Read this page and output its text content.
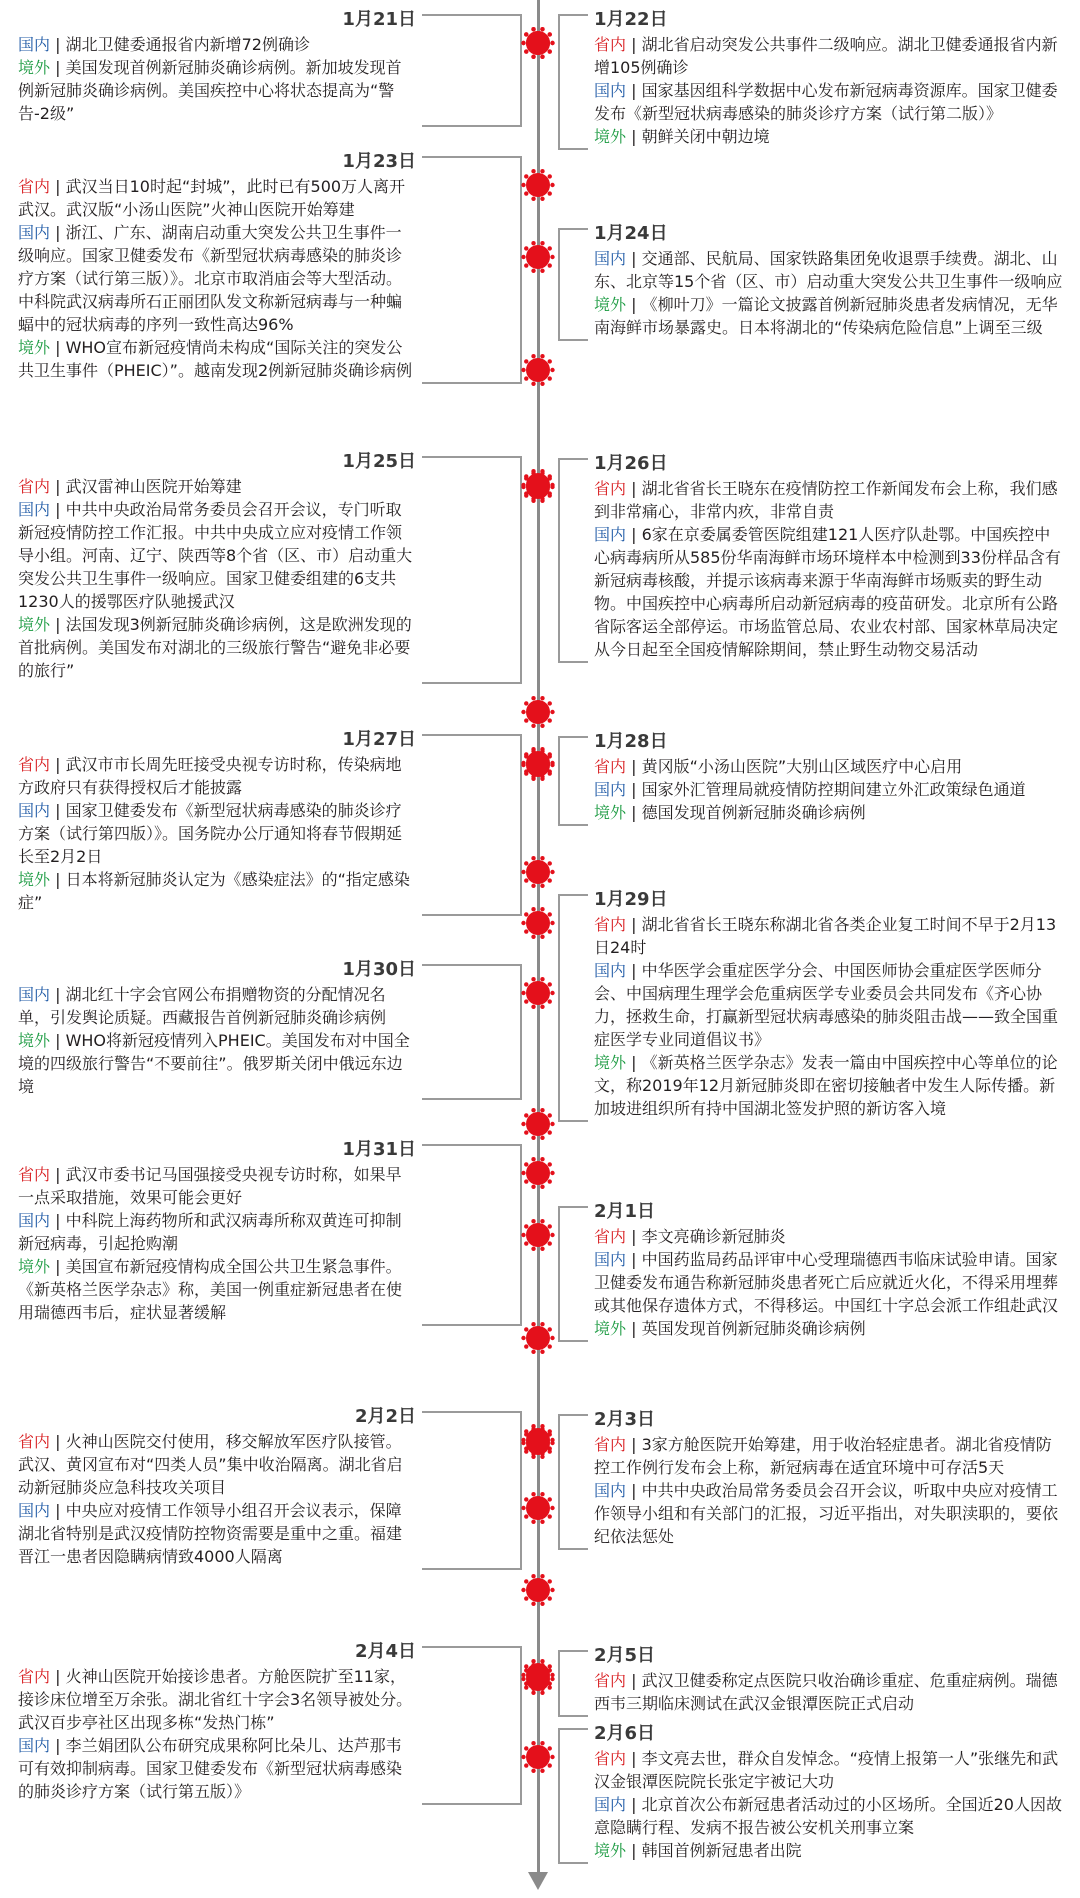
1月21日

国内 | 湖北卫健委通报省内新增72例确诊

境外 | 美国发现首例新冠肺炎确诊病例。新加坡发现首例新冠肺炎确诊病例。美国疾控中心将状态提高为“警告-2级”

1月23日

省内 | 武汉当日10时起“封城”，此时已有500万人离开武汉。武汉版“小汤山医院”火神山医院开始筹建

国内 | 浙江、广东、湖南启动重大突发公共卫生事件一级响应。国家卫健委发布《新型冠状病毒感染的肺炎诊疗方案（试行第三版）》。北京市取消庙会等大型活动。中科院武汉病毒所石正丽团队发文称新冠病毒与一种蝙蝠中的冠状病毒的序列一致性高达96%

境外 | WHO宣布新冠疫情尚未构成“国际关注的突发公共卫生事件（PHEIC）”。越南发现2例新冠肺炎确诊病例

1月25日

省内 | 武汉雷神山医院开始筹建

国内 | 中共中央政治局常务委员会召开会议，专门听取新冠疫情防控工作汇报。中共中央成立应对疫情工作领导小组。河南、辽宁、陕西等8个省（区、市）启动重大突发公共卫生事件一级响应。国家卫健委组建的6支共1230人的援鄂医疗队驰援武汉

境外 | 法国发现3例新冠肺炎确诊病例，这是欧洲发现的首批病例。美国发布对湖北的三级旅行警告“避免非必要的旅行”

1月27日

省内 | 武汉市市长周先旺接受央视专访时称，传染病地方政府只有获得授权后才能披露

国内 | 国家卫健委发布《新型冠状病毒感染的肺炎诊疗方案（试行第四版）》。国务院办公厅通知将春节假期延长至2月2日

境外 | 日本将新冠肺炎认定为《感染症法》的“指定感染症”

1月30日

国内 | 湖北红十字会官网公布捐赠物资的分配情况名单，引发舆论质疑。西藏报告首例新冠肺炎确诊病例

境外 | WHO将新冠疫情列入PHEIC。美国发布对中国全境的四级旅行警告“不要前往”。俄罗斯关闭中俄远东边境

1月31日

省内 | 武汉市委书记马国强接受央视专访时称，如果早一点采取措施，效果可能会更好

国内 | 中科院上海药物所和武汉病毒所称双黄连可抑制新冠病毒，引起抢购潮

境外 | 美国宣布新冠疫情构成全国公共卫生紧急事件。《新英格兰医学杂志》称，美国一例重症新冠患者在使用瑞德西韦后，症状显著缓解

2月2日

省内 | 火神山医院交付使用，移交解放军医疗队接管。武汉、黄冈宣布对“四类人员”集中收治隔离。湖北省启动新冠肺炎应急科技攻关项目

国内 | 中央应对疫情工作领导小组召开会议表示，保障湖北省特别是武汉疫情防控物资需要是重中之重。福建晋江一患者因隐瞒病情致4000人隔离

2月4日

省内 | 火神山医院开始接诊患者。方舱医院扩至11家，接诊床位增至万余张。湖北省红十字会3名领导被处分。武汉百步亭社区出现多栋“发热门栋”

国内 | 李兰娟团队公布研究成果称阿比朵儿、达芦那韦可有效抑制病毒。国家卫健委发布《新型冠状病毒感染的肺炎诊疗方案（试行第五版）》

1月22日

省内 | 湖北省启动突发公共事件二级响应。湖北卫健委通报省内新增105例确诊

国内 | 国家基因组科学数据中心发布新冠病毒资源库。国家卫健委发布《新型冠状病毒感染的肺炎诊疗方案（试行第二版）》

境外 | 朝鲜关闭中朝边境

1月24日

国内 | 交通部、民航局、国家铁路集团免收退票手续费。湖北、山东、北京等15个省（区、市）启动重大突发公共卫生事件一级响应

境外 | 《柳叶刀》一篇论文披露首例新冠肺炎患者发病情况，无华南海鲜市场暴露史。日本将湖北的“传染病危险信息”上调至三级

1月26日

省内 | 湖北省省长王晓东在疫情防控工作新闻发布会上称，我们感到非常痛心，非常内疚，非常自责

国内 | 6家在京委属委管医院组建121人医疗队赴鄂。中国疾控中心病毒病所从585份华南海鲜市场环境样本中检测到33份样品含有新冠病毒核酸，并提示该病毒来源于华南海鲜市场贩卖的野生动物。中国疾控中心病毒所启动新冠病毒的疫苗研发。北京所有公路省际客运全部停运。市场监管总局、农业农村部、国家林草局决定从今日起至全国疫情解除期间，禁止野生动物交易活动

1月28日

省内 | 黄冈版“小汤山医院”大别山区域医疗中心启用

国内 | 国家外汇管理局就疫情防控期间建立外汇政策绿色通道

境外 | 德国发现首例新冠肺炎确诊病例

1月29日

省内 | 湖北省省长王晓东称湖北省各类企业复工时间不早于2月13日24时

国内 | 中华医学会重症医学分会、中国医师协会重症医学医师分会、中国病理生理学会危重病医学专业委员会共同发布《齐心协力，拯救生命，打赢新型冠状病毒感染的肺炎阻击战——致全国重症医学专业同道倡议书》

境外 | 《新英格兰医学杂志》发表一篇由中国疾控中心等单位的论文，称2019年12月新冠肺炎即在密切接触者中发生人际传播。新加坡进组织所有持中国湖北签发护照的新访客入境

2月1日

省内 | 李文亮确诊新冠肺炎

国内 | 中国药监局药品评审中心受理瑞德西韦临床试验申请。国家卫健委发布通告称新冠肺炎患者死亡后应就近火化，不得采用埋葬或其他保存遗体方式，不得移运。中国红十字总会派工作组赴武汉

境外 | 英国发现首例新冠肺炎确诊病例

2月3日

省内 | 3家方舱医院开始筹建，用于收治轻症患者。湖北省疫情防控工作例行发布会上称，新冠病毒在适宜环境中可存活5天

国内 | 中共中央政治局常务委员会召开会议，听取中央应对疫情工作领导小组和有关部门的汇报，习近平指出，对失职渎职的，要依纪依法惩处

2月5日

省内 | 武汉卫健委称定点医院只收治确诊重症、危重症病例。瑞德西韦三期临床测试在武汉金银潭医院正式启动

2月6日

省内 | 李文亮去世，群众自发悼念。“疫情上报第一人”张继先和武汉金银潭医院院长张定宇被记大功

国内 | 北京首次公布新冠患者活动过的小区场所。全国近20人因故意隐瞒行程、发病不报告被公安机关刑事立案

境外 | 韩国首例新冠患者出院
